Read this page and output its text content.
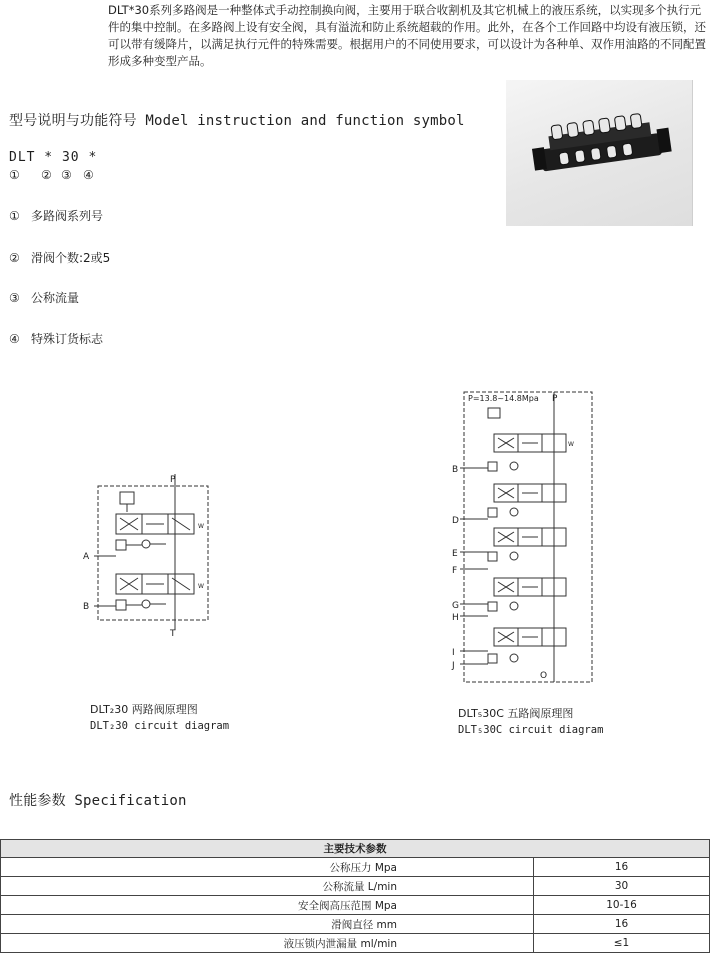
DLT*30系列多路阀是一种整体式手动控制换向阀，主要用于联合收割机及其它机械上的液压系统，以实现多个执行元件的集中控制。在多路阀上设有安全阀，具有溢流和防止系统超载的作用。此外，在各个工作回路中均设有液压锁，还可以带有缓降片，以满足执行元件的特殊需要。根据用户的不同使用要求，可以设计为各种单、双作用油路的不同配置形成多种变型产品。

型号说明与功能符号 Model instruction and function symbol
DLT * 30 *
① ② ③ ④
① 多路阀系列号
② 滑阀个数:2或5
③ 公称流量
④ 特殊订货标志
P
A
B
T
W
W
DLT₂30 两路阀原理图
DLT₂30 circuit diagram
P=13.8~14.8Mpa P
B
D
E
F
G
H
I
J
O
W
DLT₅30C 五路阀原理图
DLT₅30C circuit diagram
性能参数 Specification
主要技术参数	
公称压力 Mpa	16
公称流量 L/min	30
安全阀高压范围 Mpa	10-16
滑阀直径 mm	16
液压锁内泄漏量 ml/min	≤1
